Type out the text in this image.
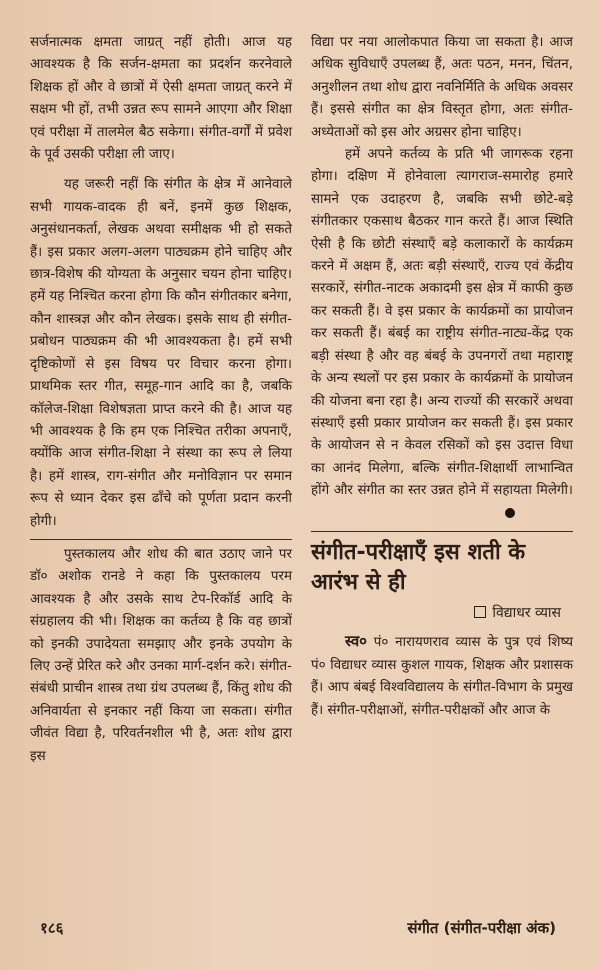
सर्जनात्मक क्षमता जाग्रत् नहीं होती। आज यह आवश्यक है कि सर्जन-क्षमता का प्रदर्शन करनेवाले शिक्षक हों और वे छात्रों में ऐसी क्षमता जाग्रत् करने में सक्षम भी हों, तभी उन्नत रूप सामने आएगा और शिक्षा एवं परीक्षा में तालमेल बैठ सकेगा। संगीत-वर्गों में प्रवेश के पूर्व उसकी परीक्षा ली जाए।

यह जरूरी नहीं कि संगीत के क्षेत्र में आनेवाले सभी गायक-वादक ही बनें, इनमें कुछ शिक्षक, अनुसंधानकर्ता, लेखक अथवा समीक्षक भी हो सकते हैं। इस प्रकार अलग-अलग पाठ्यक्रम होने चाहिए और छात्र-विशेष की योग्यता के अनुसार चयन होना चाहिए। हमें यह निश्चित करना होगा कि कौन संगीतकार बनेगा, कौन शास्त्रज्ञ और कौन लेखक। इसके साथ ही संगीत-प्रबोधन पाठ्यक्रम की भी आवश्यकता है। हमें सभी दृष्टिकोणों से इस विषय पर विचार करना होगा। प्राथमिक स्तर गीत, समूह-गान आदि का है, जबकि कॉलेज-शिक्षा विशेषज्ञता प्राप्त करने की है। आज यह भी आवश्यक है कि हम एक निश्चित तरीका अपनाएँ, क्योंकि आज संगीत-शिक्षा ने संस्था का रूप ले लिया है। हमें शास्त्र, राग-संगीत और मनोविज्ञान पर समान रूप से ध्यान देकर इस ढाँचे को पूर्णता प्रदान करनी होगी।

पुस्तकालय और शोध की बात उठाए जाने पर डॉ० अशोक रानडे ने कहा कि पुस्तकालय परम आवश्यक है और उसके साथ टेप-रिकॉर्ड आदि के संग्रहालय की भी। शिक्षक का कर्तव्य है कि वह छात्रों को इनकी उपादेयता समझाए और इनके उपयोग के लिए उन्हें प्रेरित करे और उनका मार्ग-दर्शन करे। संगीत-संबंधी प्राचीन शास्त्र तथा ग्रंथ उपलब्ध हैं, किंतु शोध की अनिवार्यता से इनकार नहीं किया जा सकता। संगीत जीवंत विद्या है, परिवर्तनशील भी है, अतः शोध द्वारा इस

विद्या पर नया आलोकपात किया जा सकता है। आज अधिक सुविधाएँ उपलब्ध हैं, अतः पठन, मनन, चिंतन, अनुशीलन तथा शोध द्वारा नवनिर्मिति के अधिक अवसर हैं। इससे संगीत का क्षेत्र विस्तृत होगा, अतः संगीत-अध्येताओं को इस ओर अग्रसर होना चाहिए।

हमें अपने कर्तव्य के प्रति भी जागरूक रहना होगा। दक्षिण में होनेवाला त्यागराज-समारोह हमारे सामने एक उदाहरण है, जबकि सभी छोटे-बड़े संगीतकार एकसाथ बैठकर गान करते हैं। आज स्थिति ऐसी है कि छोटी संस्थाएँ बड़े कलाकारों के कार्यक्रम करने में अक्षम हैं, अतः बड़ी संस्थाएँ, राज्य एवं केंद्रीय सरकारें, संगीत-नाटक अकादमी इस क्षेत्र में काफी कुछ कर सकती हैं। वे इस प्रकार के कार्यक्रमों का प्रायोजन कर सकती हैं। बंबई का राष्ट्रीय संगीत-नाट्य-केंद्र एक बड़ी संस्था है और वह बंबई के उपनगरों तथा महाराष्ट्र के अन्य स्थलों पर इस प्रकार के कार्यक्रमों के प्रायोजन की योजना बना रहा है। अन्य राज्यों की सरकारें अथवा संस्थाएँ इसी प्रकार प्रायोजन कर सकती हैं। इस प्रकार के आयोजन से न केवल रसिकों को इस उदात्त विधा का आनंद मिलेगा, बल्कि संगीत-शिक्षार्थी लाभान्वित होंगे और संगीत का स्तर उन्नत होने में सहायता मिलेगी।

संगीत-परीक्षाएँ इस शती के आरंभ से ही
विद्याधर व्यास

स्व० पं० नारायणराव व्यास के पुत्र एवं शिष्य पं० विद्याधर व्यास कुशल गायक, शिक्षक और प्रशासक हैं। आप बंबई विश्वविद्यालय के संगीत-विभाग के प्रमुख हैं। संगीत-परीक्षाओं, संगीत-परीक्षकों और आज के

१८६	संगीत (संगीत-परीक्षा अंक)
